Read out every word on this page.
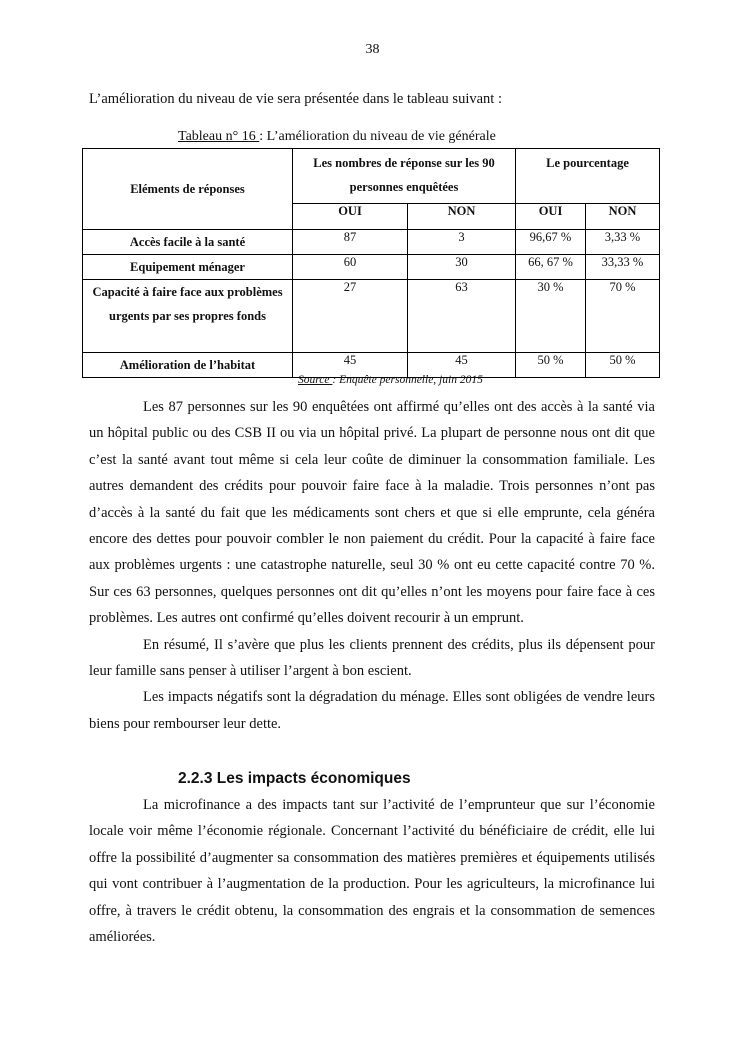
38
L’amélioration du niveau de vie sera présentée dans le tableau suivant :
Tableau n° 16 : L’amélioration du niveau de vie générale
Eléments de réponses	Les nombres de réponse sur les 90 personnes enquêtées		Le pourcentage	

	OUI	NON	OUI	NON
Accès facile à la santé	87	3	96,67 %	3,33 %
Equipement ménager	60	30	66, 67 %	33,33 %
Capacité à faire face aux problèmes urgents par ses propres fonds	27	63	30 %	70 %
Amélioration de l’habitat	45	45	50 %	50 %
Source : Enquête personnelle, juin 2015

Les 87 personnes sur les 90 enquêtées ont affirmé qu’elles ont des accès à la santé via un hôpital public ou des CSB II ou via un hôpital privé. La plupart de personne nous ont dit que c’est la santé avant tout même si cela leur coûte de diminuer la consommation familiale. Les autres demandent des crédits pour pouvoir faire face à la maladie. Trois personnes n’ont pas d’accès à la santé du fait que les médicaments sont chers et que si elle emprunte, cela généra encore des dettes pour pouvoir combler le non paiement du crédit. Pour la capacité à faire face aux problèmes urgents : une catastrophe naturelle, seul 30 % ont eu cette capacité contre 70 %. Sur ces 63 personnes, quelques personnes ont dit qu’elles n’ont les moyens pour faire face à ces problèmes. Les autres ont confirmé qu’elles doivent recourir à un emprunt.

En résumé, Il s’avère que plus les clients prennent des crédits, plus ils dépensent pour leur famille sans penser à utiliser l’argent à bon escient.

Les impacts négatifs sont la dégradation du ménage. Elles sont obligées de vendre leurs biens pour rembourser leur dette.

2.2.3 Les impacts économiques

La microfinance a des impacts tant sur l’activité de l’emprunteur que sur l’économie locale voir même l’économie régionale. Concernant l’activité du bénéficiaire de crédit, elle lui offre la possibilité d’augmenter sa consommation des matières premières et équipements utilisés qui vont contribuer à l’augmentation de la production. Pour les agriculteurs, la microfinance lui offre, à travers le crédit obtenu, la consommation des engrais et la consommation de semences améliorées.
